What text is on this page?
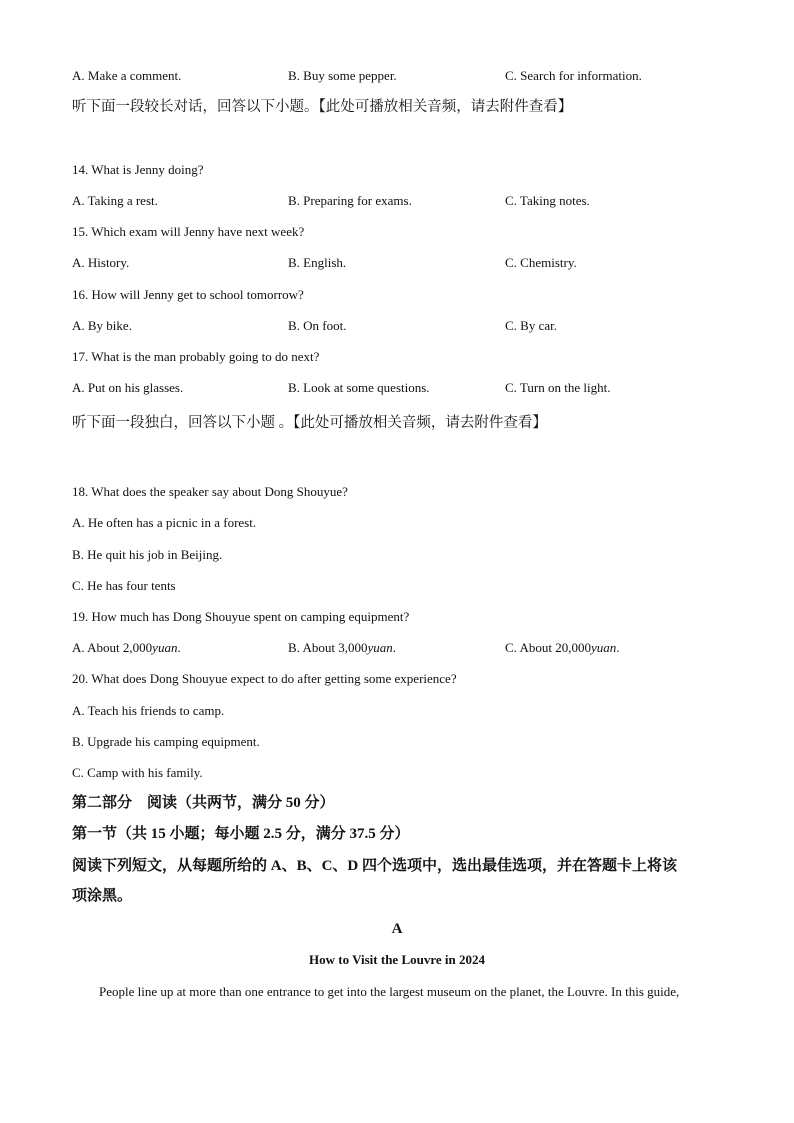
A. Make a comment.	B. Buy some pepper.	C. Search for information.
听下面一段较长对话，回答以下小题。【此处可播放相关音频，请去附件查看】
14. What is Jenny doing?
A. Taking a rest.	B. Preparing for exams.	C. Taking notes.
15. Which exam will Jenny have next week?
A. History.	B. English.	C. Chemistry.
16. How will Jenny get to school tomorrow?
A. By bike.	B. On foot.	C. By car.
17. What is the man probably going to do next?
A. Put on his glasses.	B. Look at some questions.	C. Turn on the light.
听下面一段独白，回答以下小题 。【此处可播放相关音频，请去附件查看】
18. What does the speaker say about Dong Shouyue?
A. He often has a picnic in a forest.
B. He quit his job in Beijing.
C. He has four tents
19. How much has Dong Shouyue spent on camping equipment?
A. About 2,000yuan.	B. About 3,000yuan.	C. About 20,000yuan.
20. What does Dong Shouyue expect to do after getting some experience?
A. Teach his friends to camp.
B. Upgrade his camping equipment.
C. Camp with his family.
第二部分　阅读（共两节，满分 50 分）
第一节（共 15 小题；每小题 2.5 分，满分 37.5 分）
阅读下列短文，从每题所给的 A、B、C、D 四个选项中，选出最佳选项，并在答题卡上将该
项涂黑。
A
How to Visit the Louvre in 2024
People line up at more than one entrance to get into the largest museum on the planet, the Louvre. In this guide,
